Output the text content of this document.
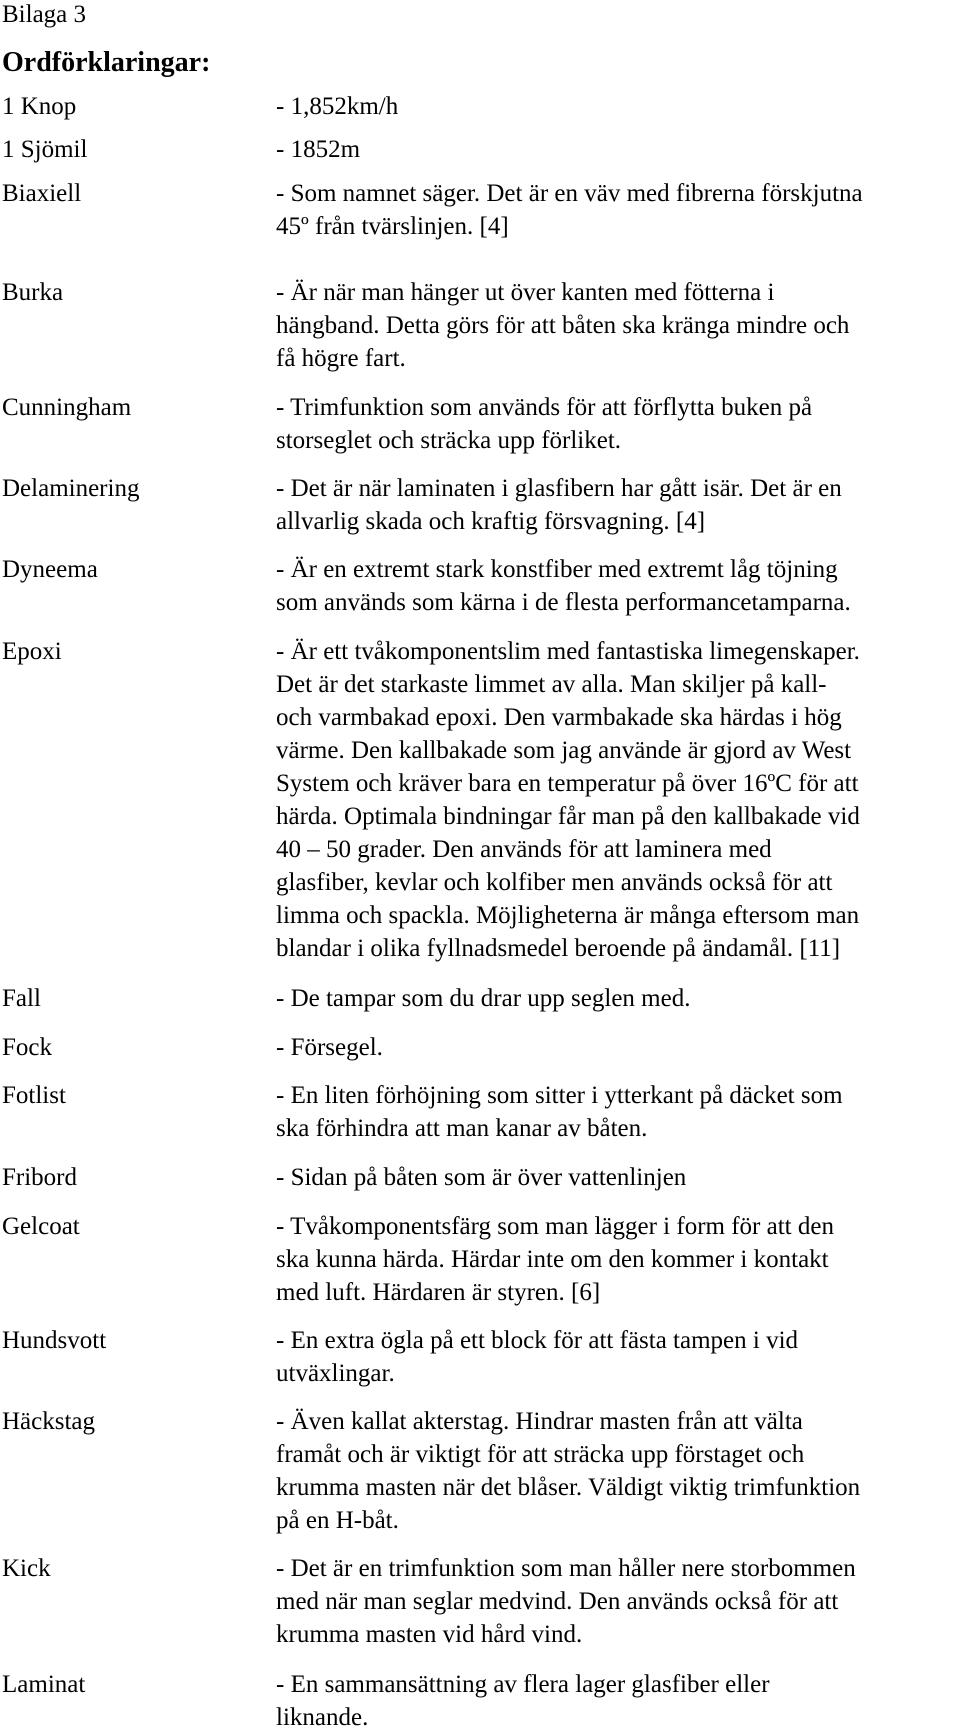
Bilaga 3
Ordförklaringar:
1 Knop	- 1,852km/h
1 Sjömil	- 1852m
Biaxiell	- Som namnet säger. Det är en väv med fibrerna förskjutna
45º från tvärslinjen. [4]
Burka	- Är när man hänger ut över kanten med fötterna i
hängband. Detta görs för att båten ska kränga mindre och
få högre fart.
Cunningham	- Trimfunktion som används för att förflytta buken på
storseglet och sträcka upp förliket.
Delaminering	- Det är när laminaten i glasfibern har gått isär. Det är en
allvarlig skada och kraftig försvagning. [4]
Dyneema	- Är en extremt stark konstfiber med extremt låg töjning
som används som kärna i de flesta performancetamparna.
Epoxi	- Är ett tvåkomponentslim med fantastiska limegenskaper.
Det är det starkaste limmet av alla. Man skiljer på kall-
och varmbakad epoxi. Den varmbakade ska härdas i hög
värme. Den kallbakade som jag använde är gjord av West
System och kräver bara en temperatur på över 16ºC för att
härda. Optimala bindningar får man på den kallbakade vid
40 – 50 grader. Den används för att laminera med
glasfiber, kevlar och kolfiber men används också för att
limma och spackla. Möjligheterna är många eftersom man
blandar i olika fyllnadsmedel beroende på ändamål. [11]
Fall	- De tampar som du drar upp seglen med.
Fock	- Försegel.
Fotlist	- En liten förhöjning som sitter i ytterkant på däcket som
ska förhindra att man kanar av båten.
Fribord	- Sidan på båten som är över vattenlinjen
Gelcoat	- Tvåkomponentsfärg som man lägger i form för att den
ska kunna härda. Härdar inte om den kommer i kontakt
med luft. Härdaren är styren. [6]
Hundsvott	- En extra ögla på ett block för att fästa tampen i vid
utväxlingar.
Häckstag	- Även kallat akterstag. Hindrar masten från att välta
framåt och är viktigt för att sträcka upp förstaget och
krumma masten när det blåser. Väldigt viktig trimfunktion
på en H-båt.
Kick	- Det är en trimfunktion som man håller nere storbommen
med när man seglar medvind. Den används också för att
krumma masten vid hård vind.
Laminat	- En sammansättning av flera lager glasfiber eller
liknande.
